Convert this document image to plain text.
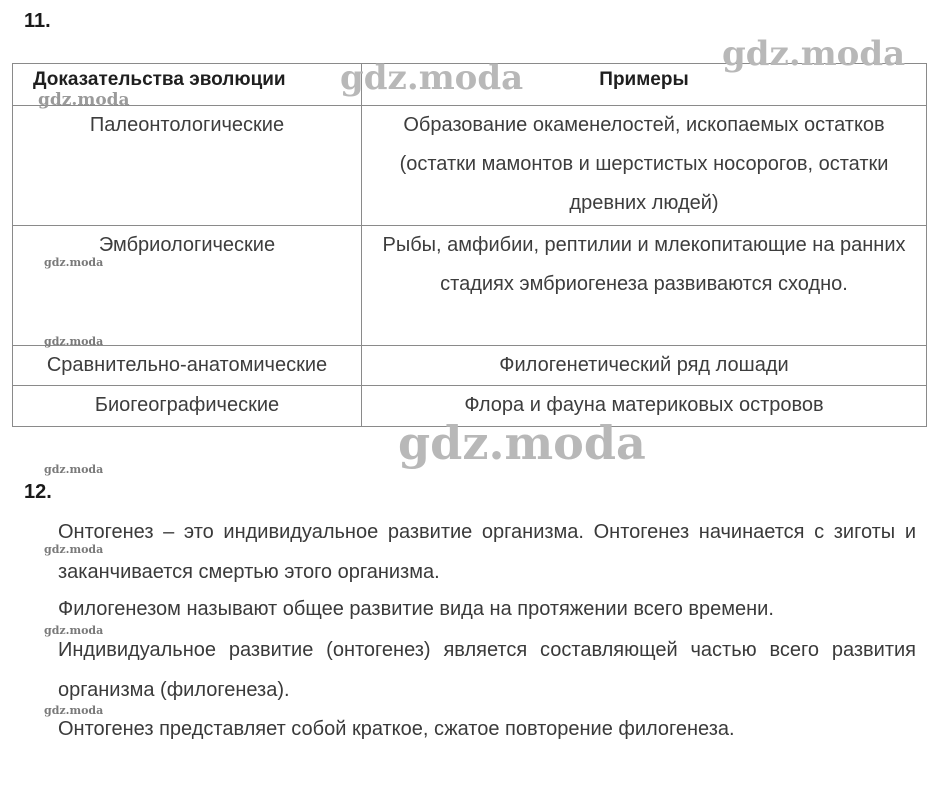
11.
Доказательства эволюции	Примеры
Палеонтологические	Образование окаменелостей, ископаемых остатков (остатки мамонтов и шерстистых носорогов, остатки древних людей)
Эмбриологические	Рыбы, амфибии, рептилии и млекопитающие на ранних стадиях эмбриогенеза развиваются сходно.
Сравнительно-анатомические	Филогенетический ряд лошади
Биогеографические	Флора и фауна материковых островов
12.
Онтогенез – это индивидуальное развитие организма. Онтогенез начинается с зиготы и заканчивается смертью этого организма.
Филогенезом называют общее развитие вида на протяжении всего времени.
Индивидуальное развитие (онтогенез) является составляющей частью всего развития организма (филогенеза).
Онтогенез представляет собой краткое, сжатое повторение филогенеза.
gdz.moda
gdz.moda
gdz.moda
gdz.moda
gdz.moda
gdz.moda
gdz.moda
gdz.moda
gdz.moda
gdz.moda
